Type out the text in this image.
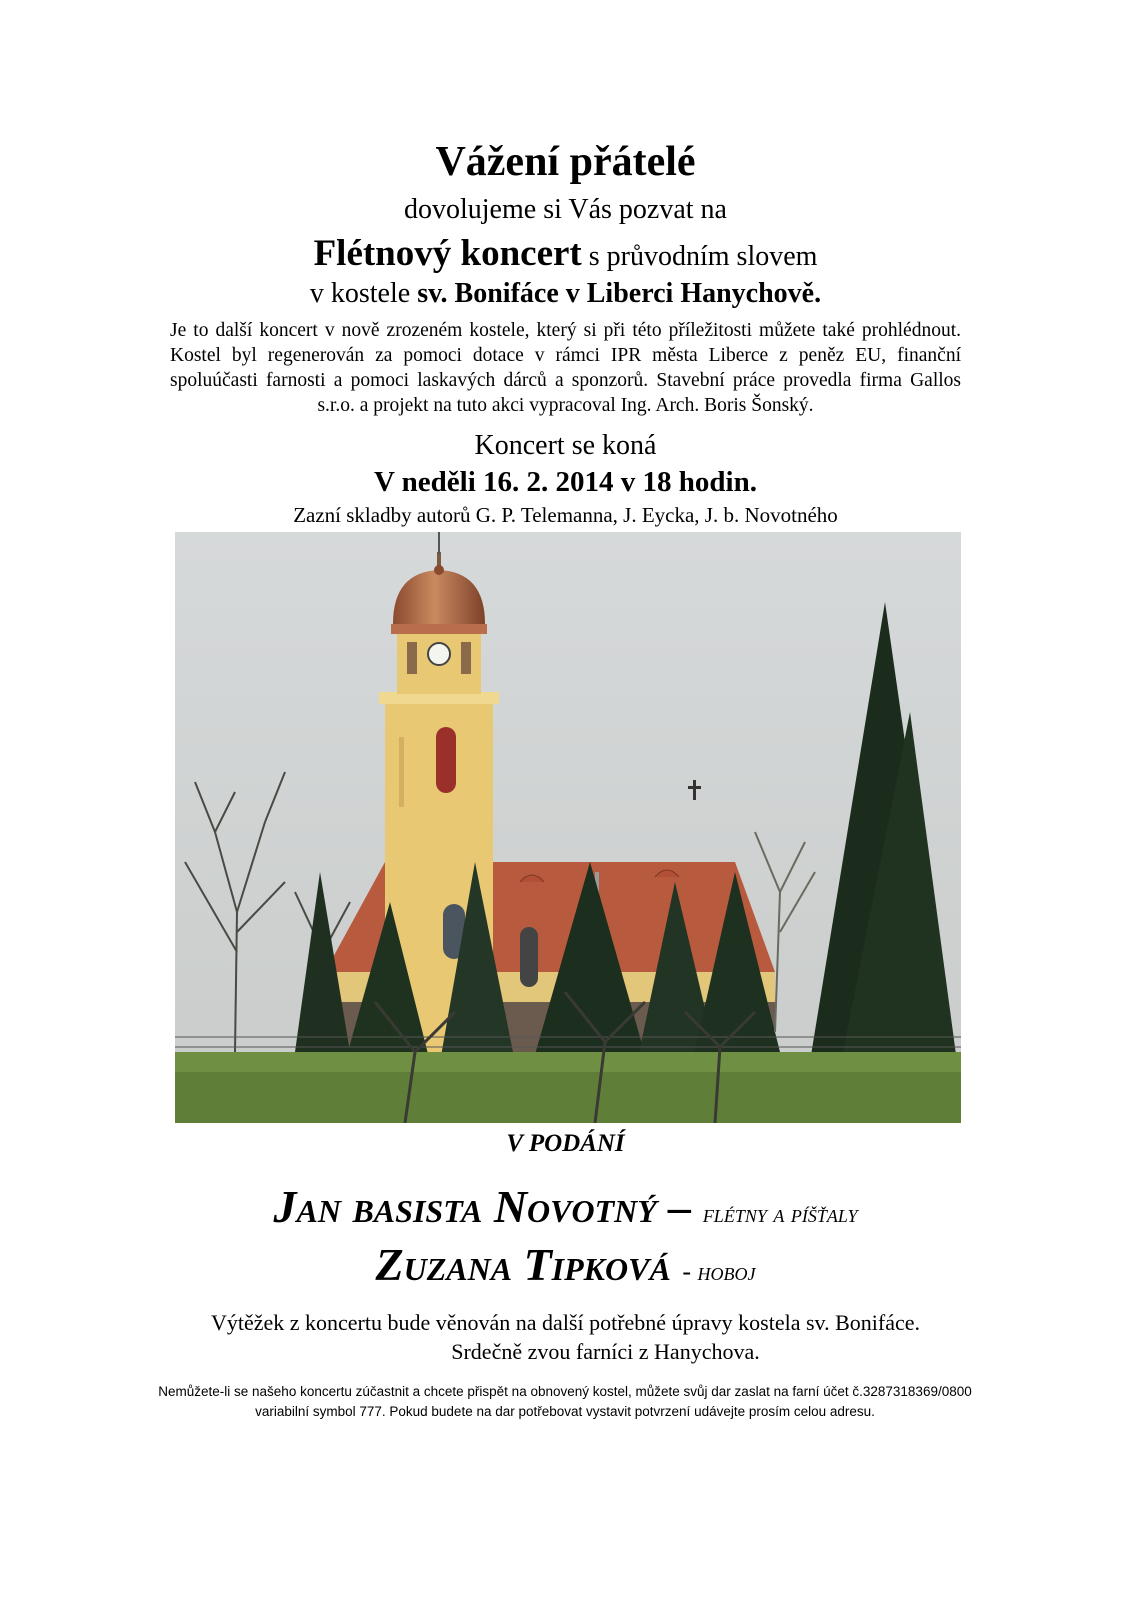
Vážení přátelé
dovolujeme si Vás pozvat na
Flétnový koncert s průvodním slovem
v kostele sv. Bonifáce v Liberci Hanychově.
Je to další koncert v nově zrozeném kostele, který si při této příležitosti můžete také prohlédnout. Kostel byl regenerován za pomoci dotace v rámci IPR města Liberce z peněz EU, finanční spoluúčasti farnosti a pomoci laskavých dárců a sponzorů. Stavební práce provedla firma Gallos s.r.o. a projekt na tuto akci vypracoval Ing. Arch. Boris Šonský.
Koncert se koná
V neděli 16. 2. 2014 v 18 hodin.
Zazní skladby autorů G. P. Telemanna, J. Eycka, J. b. Novotného
V PODÁNÍ
Jan basista Novotný – flétny a píšťaly
Zuzana Tipková - hoboj
Výtěžek z koncertu bude věnován na další potřebné úpravy kostela sv. Bonifáce.
Srdečně zvou farníci z Hanychova.
Nemůžete-li se našeho koncertu zúčastnit a chcete přispět na obnovený kostel, můžete svůj dar zaslat na farní účet č.3287318369/0800 variabilní symbol 777. Pokud budete na dar potřebovat vystavit potvrzení udávejte prosím celou adresu.
